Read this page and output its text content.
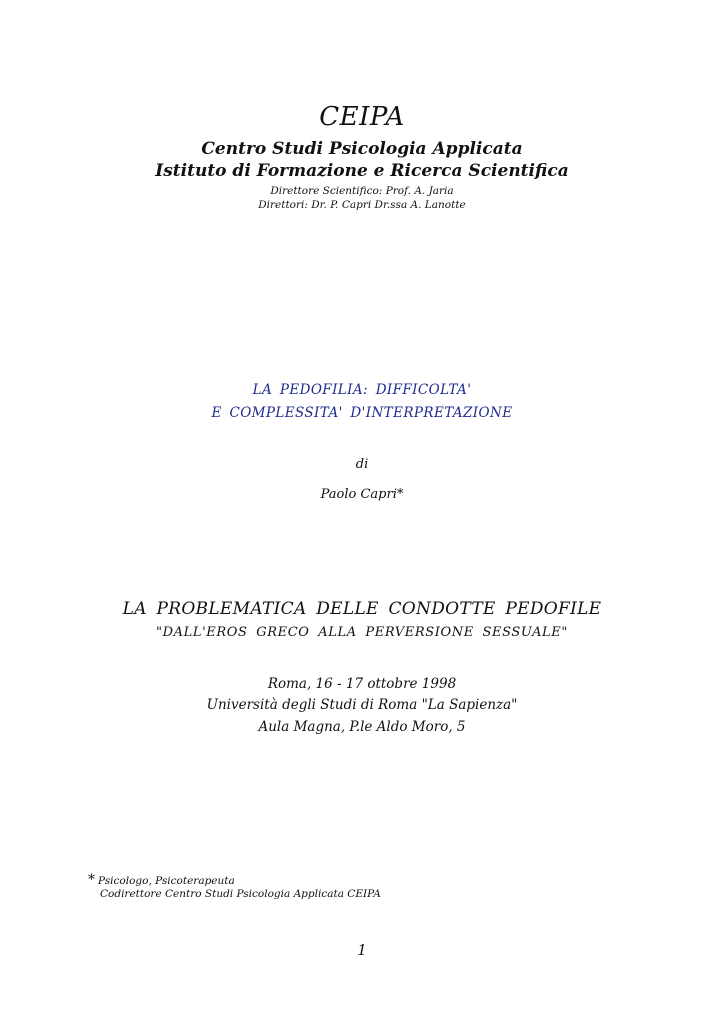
CEIPA
Centro Studi Psicologia Applicata
Istituto di Formazione e Ricerca Scientifica
Direttore Scientifico: Prof. A. Jaria
Direttori: Dr. P. Capri Dr.ssa A. Lanotte
LA PEDOFILIA: DIFFICOLTA'
E COMPLESSITA' D'INTERPRETAZIONE
di
Paolo Capri*
LA PROBLEMATICA DELLE CONDOTTE PEDOFILE
"DALL'EROS GRECO ALLA PERVERSIONE SESSUALE"
Roma, 16 - 17 ottobre 1998
Università degli Studi di Roma "La Sapienza"
Aula Magna, P.le Aldo Moro, 5
* Psicologo, Psicoterapeuta
Codirettore Centro Studi Psicologia Applicata CEIPA
1
